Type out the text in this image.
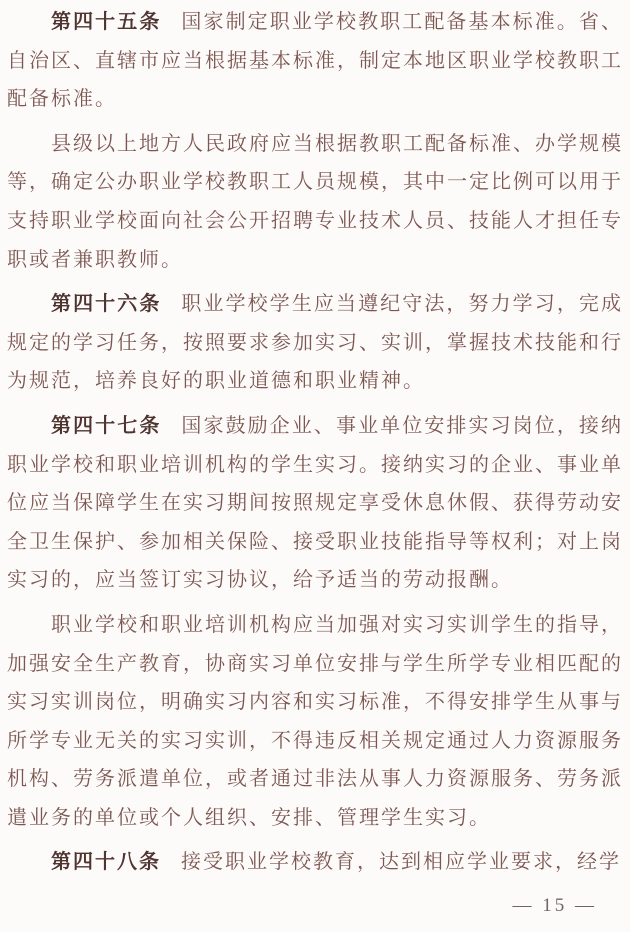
第四十五条 国家制定职业学校教职工配备基本标准。省、自治区、直辖市应当根据基本标准，制定本地区职业学校教职工配备标准。

县级以上地方人民政府应当根据教职工配备标准、办学规模等，确定公办职业学校教职工人员规模，其中一定比例可以用于支持职业学校面向社会公开招聘专业技术人员、技能人才担任专职或者兼职教师。

第四十六条 职业学校学生应当遵纪守法，努力学习，完成规定的学习任务，按照要求参加实习、实训，掌握技术技能和行为规范，培养良好的职业道德和职业精神。

第四十七条 国家鼓励企业、事业单位安排实习岗位，接纳职业学校和职业培训机构的学生实习。接纳实习的企业、事业单位应当保障学生在实习期间按照规定享受休息休假、获得劳动安全卫生保护、参加相关保险、接受职业技能指导等权利；对上岗实习的，应当签订实习协议，给予适当的劳动报酬。

职业学校和职业培训机构应当加强对实习实训学生的指导，加强安全生产教育，协商实习单位安排与学生所学专业相匹配的实习实训岗位，明确实习内容和实习标准，不得安排学生从事与所学专业无关的实习实训，不得违反相关规定通过人力资源服务机构、劳务派遣单位，或者通过非法从事人力资源服务、劳务派遣业务的单位或个人组织、安排、管理学生实习。

第四十八条 接受职业学校教育，达到相应学业要求，经学

— 15 —
